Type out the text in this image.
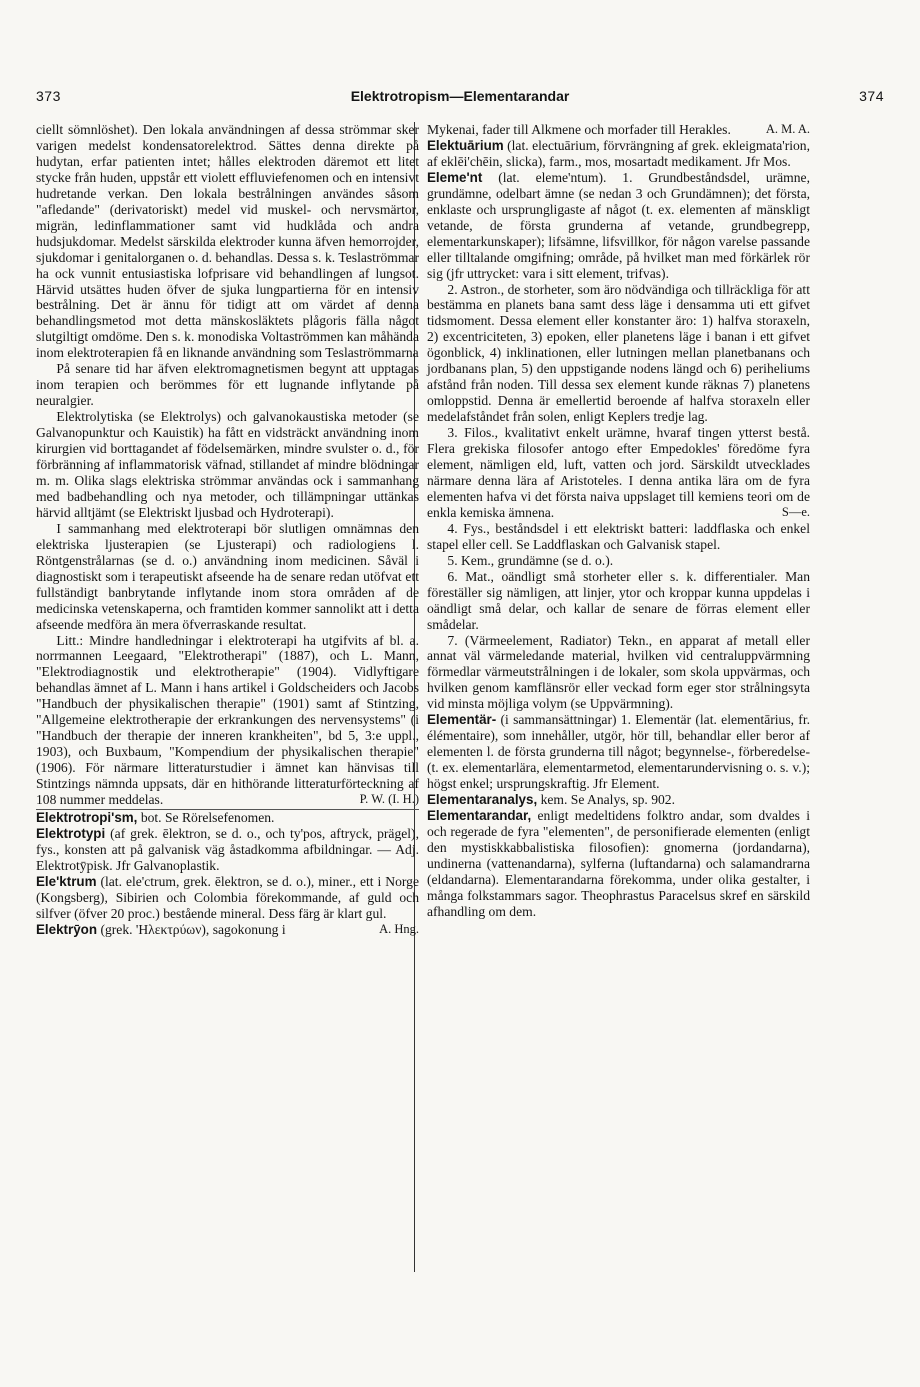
373	Elektrotropism—Elementarandar	374

ciellt sömnlöshet). Den lokala användningen af dessa strömmar sker varigen medelst kondensatorelektrod. Sättes denna direkte på hudytan, erfar patienten intet; hålles elektroden däremot ett litet stycke från huden, uppstår ett violett effluviefenomen och en intensivt hudretande verkan. Den lokala bestrålningen användes såsom "afledande" (derivatoriskt) medel vid muskel- och nervsmärtor, migrän, ledinflammationer samt vid hudklåda och andra hudsjukdomar. Medelst särskilda elektroder kunna äfven hemorrojder, sjukdomar i genitalorganen o. d. behandlas. Dessa s. k. Teslaströmmar ha ock vunnit entusiastiska lofprisare vid behandlingen af lungsot. Härvid utsättes huden öfver de sjuka lungpartierna för en intensiv bestrålning. Det är ännu för tidigt att om värdet af denna behandlingsmetod mot detta mänskosläktets plågoris fälla något slutgiltigt omdöme. Den s. k. monodiska Voltaströmmen kan måhända inom elektroterapien få en liknande användning som Teslaströmmarna

På senare tid har äfven elektromagnetismen begynt att upptagas inom terapien och berömmes för ett lugnande inflytande på neuralgier.

Elektrolytiska (se Elektrolys) och galvanokaustiska metoder (se Galvanopunktur och Kauistik) ha fått en vidsträckt användning inom kirurgien vid borttagandet af födelsemärken, mindre svulster o. d., för förbränning af inflammatorisk väfnad, stillandet af mindre blödningar m. m. Olika slags elektriska strömmar användas ock i sammanhang med badbehandling och nya metoder, och tillämpningar uttänkas härvid alltjämt (se Elektriskt ljusbad och Hydroterapi).

I sammanhang med elektroterapi bör slutligen omnämnas den elektriska ljusterapien (se Ljusterapi) och radiologiens l. Röntgenstrålarnas (se d. o.) användning inom medicinen. Såväl i diagnostiskt som i terapeutiskt afseende ha de senare redan utöfvat ett fullständigt banbrytande inflytande inom stora områden af de medicinska vetenskaperna, och framtiden kommer sannolikt att i detta afseende medföra än mera öfverraskande resultat.

Litt.: Mindre handledningar i elektroterapi ha utgifvits af bl. a. norrmannen Leegaard, "Elektrotherapi" (1887), och L. Mann, "Elektrodiagnostik und elektrotherapie" (1904). Vidlyftigare behandlas ämnet af L. Mann i hans artikel i Goldscheiders och Jacobs "Handbuch der physikalischen therapie" (1901) samt af Stintzing, "Allgemeine elektrotherapie der erkrankungen des nervensystems" (i "Handbuch der therapie der inneren krankheiten", bd 5, 3:e uppl., 1903), och Buxbaum, "Kompendium der physikalischen therapie" (1906). För närmare litteraturstudier i ämnet kan hänvisas till Stintzings nämnda uppsats, där en hithörande litteraturförteckning af 108 nummer meddelas.	P. W. (I. H.)

Elektrotropi'sm, bot. Se Rörelsefenomen.

Elektrotypi (af grek. ēlektron, se d. o., och ty'pos, aftryck, prägel), fys., konsten att på galvanisk väg åstadkomma afbildningar. — Adj. Elektrotȳpisk. Jfr Galvanoplastik.

Ele'ktrum (lat. ele'ctrum, grek. ēlektron, se d. o.), miner., ett i Norge (Kongsberg), Sibirien och Colombia förekommande, af guld och silfver (öfver 20 proc.) bestående mineral. Dess färg är klart gul.
A. Hng.

Elektrȳon (grek. 'Ηλεκτρύων), sagokonung i

Mykenai, fader till Alkmene och morfader till Herakles.	A. M. A.

Elektuārium (lat. electuārium, förvrängning af grek. ekleigmata'rion, af eklēi'chēin, slicka), farm., mos, mosartadt medikament. Jfr Mos.

Eleme'nt (lat. eleme'ntum). 1. Grundbeståndsdel, urämne, grundämne, odelbart ämne (se nedan 3 och Grundämnen); det första, enklaste och ursprungligaste af något (t. ex. elementen af mänskligt vetande, de första grunderna af vetande, grundbegrepp, elementarkunskaper); lifsämne, lifsvillkor, för någon varelse passande eller tilltalande omgifning; område, på hvilket man med förkärlek rör sig (jfr uttrycket: vara i sitt element, trifvas).

2. Astron., de storheter, som äro nödvändiga och tillräckliga för att bestämma en planets bana samt dess läge i densamma uti ett gifvet tidsmoment. Dessa element eller konstanter äro: 1) halfva storaxeln, 2) excentriciteten, 3) epoken, eller planetens läge i banan i ett gifvet ögonblick, 4) inklinationen, eller lutningen mellan planetbanans och jordbanans plan, 5) den uppstigande nodens längd och 6) periheliums afstånd från noden. Till dessa sex element kunde räknas 7) planetens omloppstid. Denna är emellertid beroende af halfva storaxeln eller medelafståndet från solen, enligt Keplers tredje lag.

3. Filos., kvalitativt enkelt urämne, hvaraf tingen ytterst bestå. Flera grekiska filosofer antogo efter Empedokles' föredöme fyra element, nämligen eld, luft, vatten och jord. Särskildt utvecklades närmare denna lära af Aristoteles. I denna antika lära om de fyra elementen hafva vi det första naiva uppslaget till kemiens teori om de enkla kemiska ämnena.	S—e.

4. Fys., beståndsdel i ett elektriskt batteri: laddflaska och enkel stapel eller cell. Se Laddflaskan och Galvanisk stapel.

5. Kem., grundämne (se d. o.).

6. Mat., oändligt små storheter eller s. k. differentialer. Man föreställer sig nämligen, att linjer, ytor och kroppar kunna uppdelas i oändligt små delar, och kallar de senare de förras element eller smådelar.

7. (Värmeelement, Radiator) Tekn., en apparat af metall eller annat väl värmeledande material, hvilken vid centraluppvärmning förmedlar värmeutstrålningen i de lokaler, som skola uppvärmas, och hvilken genom kamflänsrör eller veckad form eger stor strålningsyta vid minsta möjliga volym (se Uppvärmning).

Elementär- (i sammansättningar) 1. Elementär (lat. elementārius, fr. élémentaire), som innehåller, utgör, hör till, behandlar eller beror af elementen l. de första grunderna till något; begynnelse-, förberedelse- (t. ex. elementarlära, elementarmetod, elementarundervisning o. s. v.); högst enkel; ursprungskraftig. Jfr Element.

Elementaranalys, kem. Se Analys, sp. 902.

Elementarandar, enligt medeltidens folktro andar, som dvaldes i och regerade de fyra "elementen", de personifierade elementen (enligt den mystiskkabbalistiska filosofien): gnomerna (jordandarna), undinerna (vattenandarna), sylferna (luftandarna) och salamandrarna (eldandarna). Elementarandarna förekomma, under olika gestalter, i många folkstammars sagor. Theophrastus Paracelsus skref en särskild afhandling om dem.
